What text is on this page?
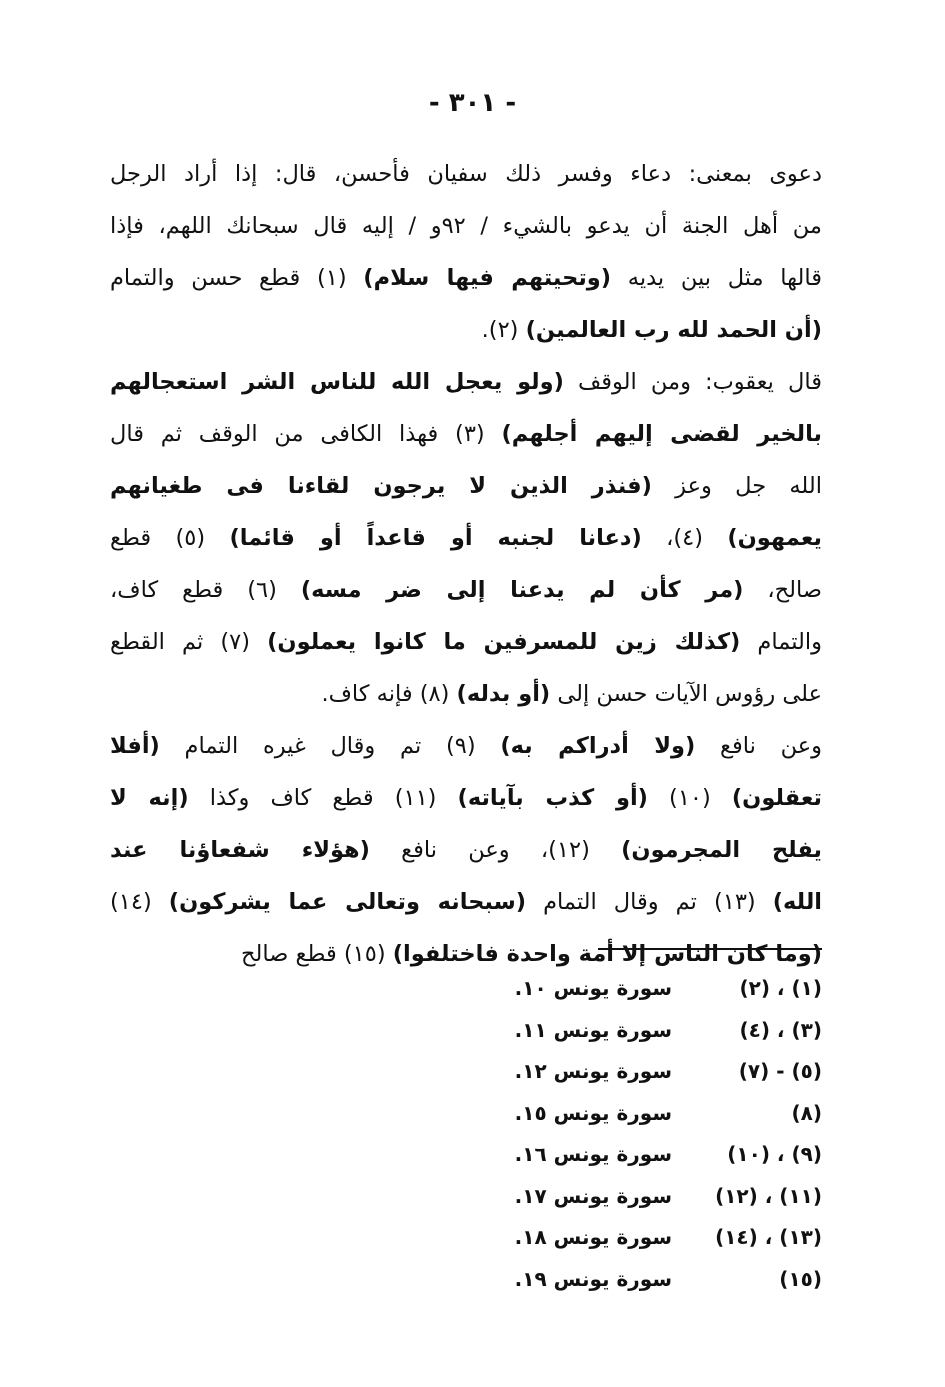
- ٣٠١ -
دعوى بمعنى: دعاء وفسر ذلك سفيان فأحسن، قال: إذا أراد الرجل
من أهل الجنة أن يدعو بالشيء / ٩٢و / إليه قال سبحانك اللهم، فإذا
قالها مثل بين يديه (وتحيتهم فيها سلام) (١) قطع حسن والتمام
(أن الحمد لله رب العالمين) (٢).
قال يعقوب: ومن الوقف (ولو يعجل الله للناس الشر استعجالهم
بالخير لقضى إليهم أجلهم) (٣) فهذا الكافى من الوقف ثم قال
الله جل وعز (فنذر الذين لا يرجون لقاءنا فى طغيانهم
يعمهون) (٤)، (دعانا لجنبه أو قاعداً أو قائما) (٥) قطع
صالح، (مر كأن لم يدعنا إلى ضر مسه) (٦) قطع كاف،
والتمام (كذلك زين للمسرفين ما كانوا يعملون) (٧) ثم القطع
على رؤوس الآيات حسن إلى (أو بدله) (٨) فإنه كاف.
وعن نافع (ولا أدراكم به) (٩) تم وقال غيره التمام (أفلا
تعقلون) (١٠) (أو كذب بآياته) (١١) قطع كاف وكذا (إنه لا
يفلح المجرمون) (١٢)، وعن نافع (هؤلاء شفعاؤنا عند
الله) (١٣) تم وقال التمام (سبحانه وتعالى عما يشركون) (١٤)
(وما كان الناس إلا أمة واحدة فاختلفوا) (١٥) قطع صالح
(١) ، (٢)
سورة يونس ١٠.
(٣) ، (٤)
سورة يونس ١١.
(٥) - (٧)
سورة يونس ١٢.
(٨)
سورة يونس ١٥.
(٩) ، (١٠)
سورة يونس ١٦.
(١١) ، (١٢)
سورة يونس ١٧.
(١٣) ، (١٤)
سورة يونس ١٨.
(١٥)
سورة يونس ١٩.
